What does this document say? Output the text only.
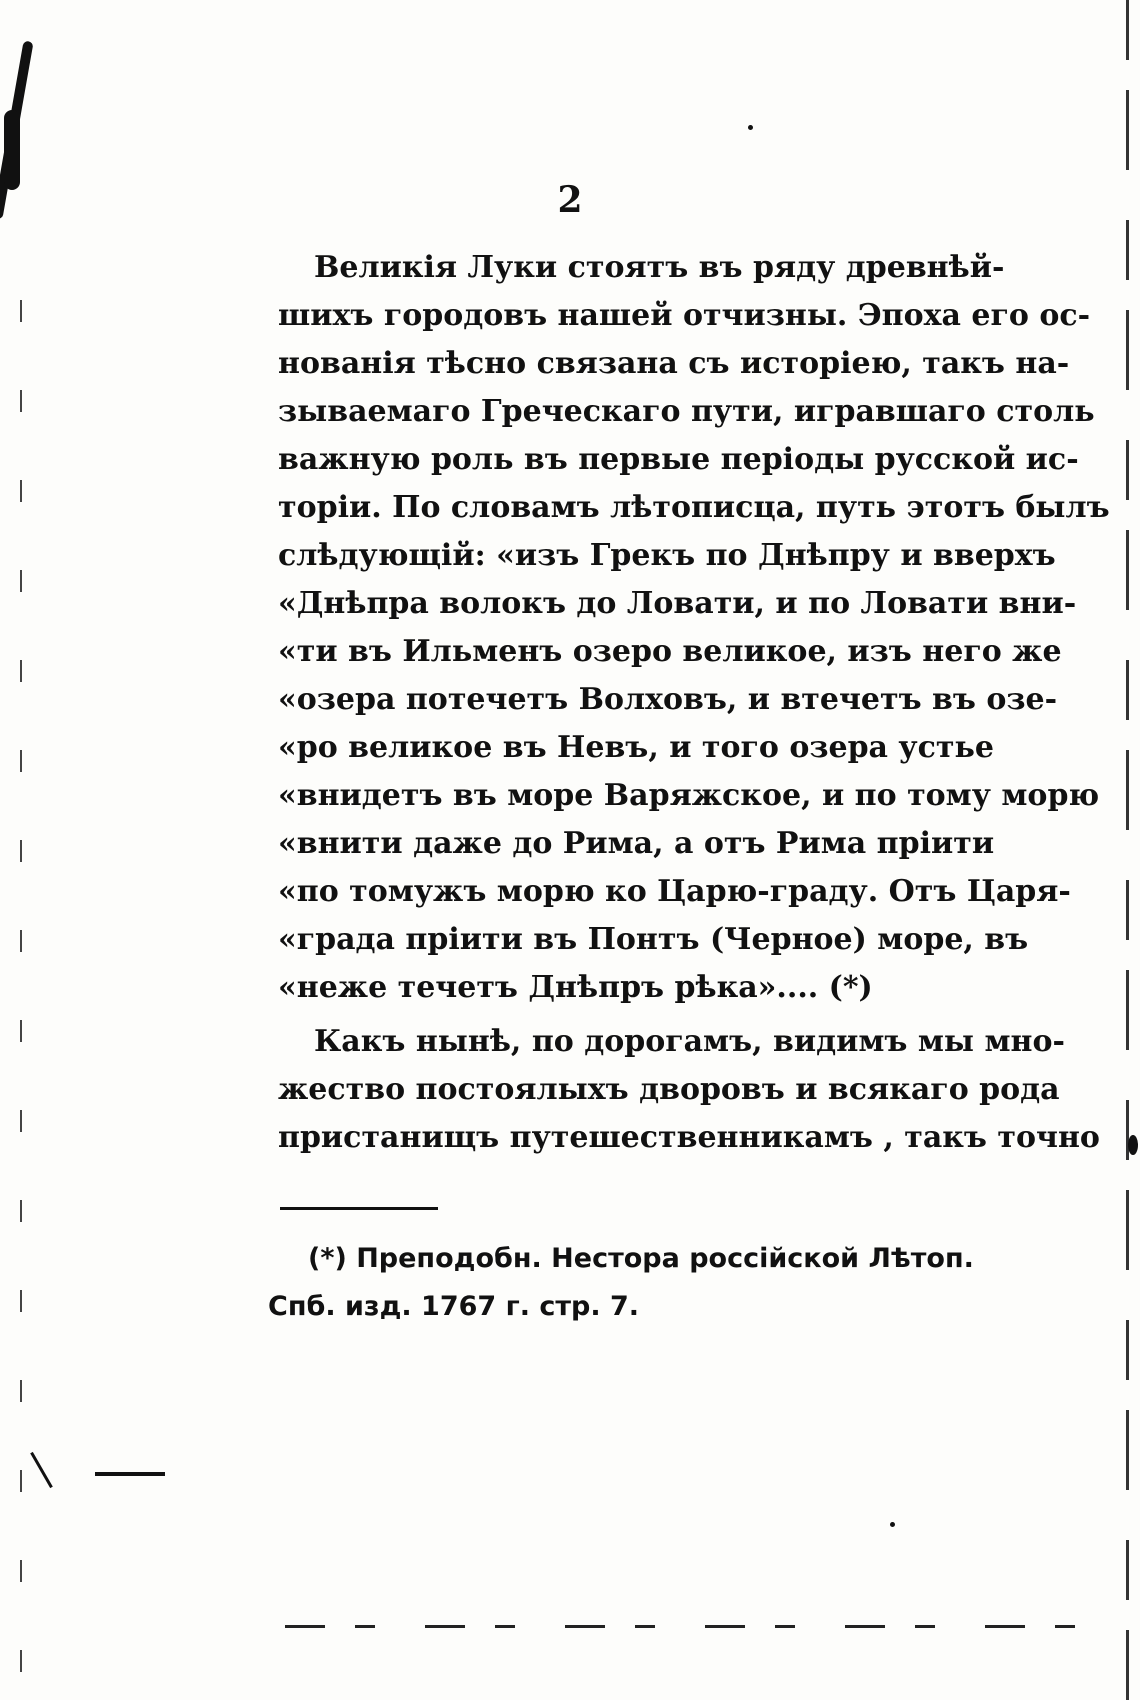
2
Великія Луки стоятъ въ ряду древнѣй-
шихъ городовъ нашей отчизны. Эпоха его ос-
нованія тѣсно связана съ исторіею, такъ на-
зываемаго Греческаго пути, игравшаго столь
важную роль въ первые періоды русской ис-
торіи. По словамъ лѣтописца, путь этотъ былъ
слѣдующій: «изъ Грекъ по Днѣпру и вверхъ
«Днѣпра волокъ до Ловати, и по Ловати вни-
«ти въ Ильменъ озеро великое, изъ него же
«озера потечетъ Волховъ, и втечетъ въ озе-
«ро великое въ Невъ, и того озера устье
«внидетъ въ море Варяжское, и по тому морю
«внити даже до Рима, а отъ Рима пріити
«по томужъ морю ко Царю-граду. Отъ Царя-
«града пріити въ Понтъ (Черное) море, въ
«неже течетъ Днѣпръ рѣка».... (*)
Какъ нынѣ, по дорогамъ, видимъ мы мно-
жество постоялыхъ дворовъ и всякаго рода
пристанищъ путешественникамъ , такъ точно
(*) Преподобн. Нестора россійской Лѣтоп.
Спб. изд. 1767 г. стр. 7.
